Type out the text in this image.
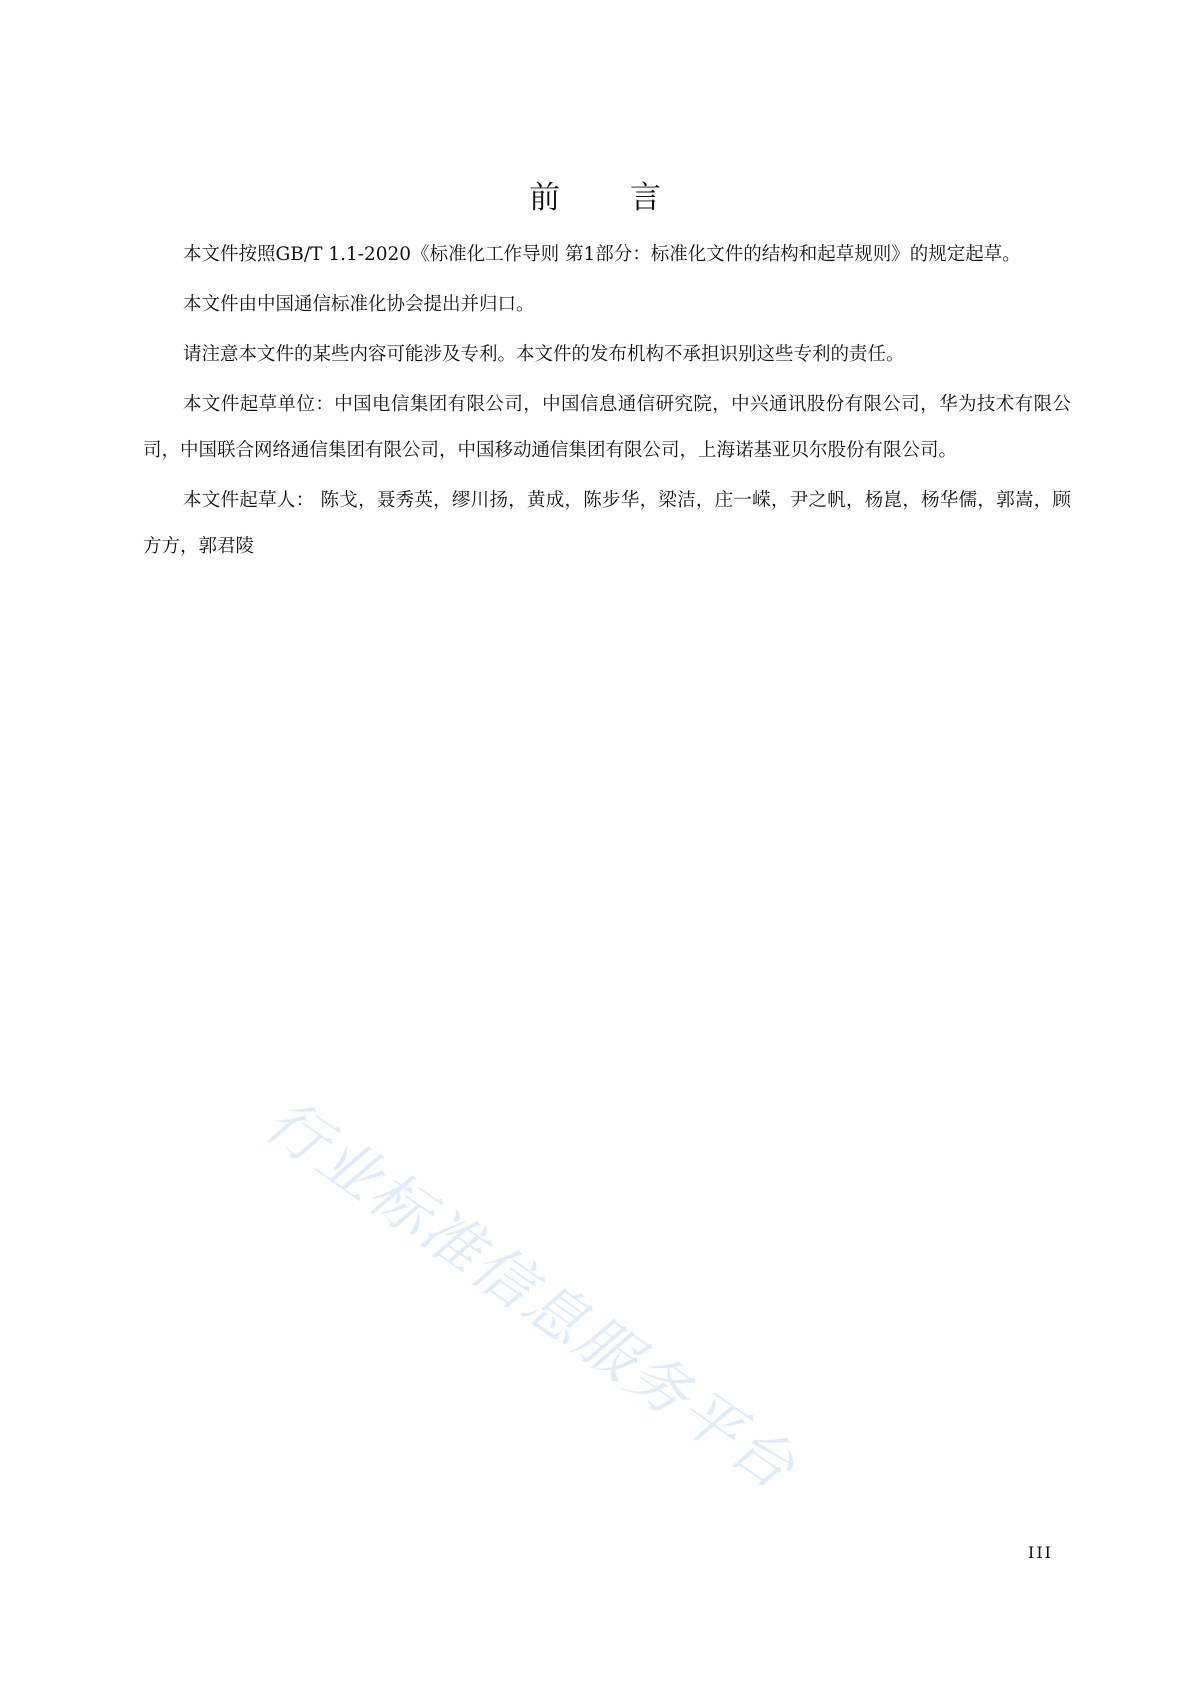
前 言

本文件按照GB/T 1.1-2020《标准化工作导则 第1部分：标准化文件的结构和起草规则》的规定起草。

本文件由中国通信标准化协会提出并归口。

请注意本文件的某些内容可能涉及专利。本文件的发布机构不承担识别这些专利的责任。

本文件起草单位：中国电信集团有限公司，中国信息通信研究院，中兴通讯股份有限公司，华为技术有限公司，中国联合网络通信集团有限公司，中国移动通信集团有限公司，上海诺基亚贝尔股份有限公司。

本文件起草人： 陈戈，聂秀英，缪川扬，黄成，陈步华，梁洁，庄一嵘，尹之帆，杨崑，杨华儒，郭嵩，顾方方，郭君陵

行业标准信息服务平台
III
